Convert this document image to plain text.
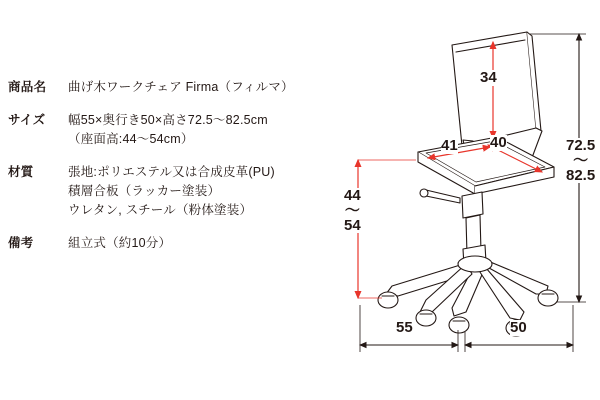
商品名	曲げ木ワークチェア Firma（フィルマ）
サイズ	幅55×奥行き50×高さ72.5〜82.5cm
（座面高:44〜54cm）
材質	張地:ポリエステル又は合成皮革(PU)
積層合板（ラッカー塗装）
ウレタン, スチール（粉体塗装）
備考	組立式（約10分）
34
41 40
44
〜
54
72.5
〜
82.5
55	50
